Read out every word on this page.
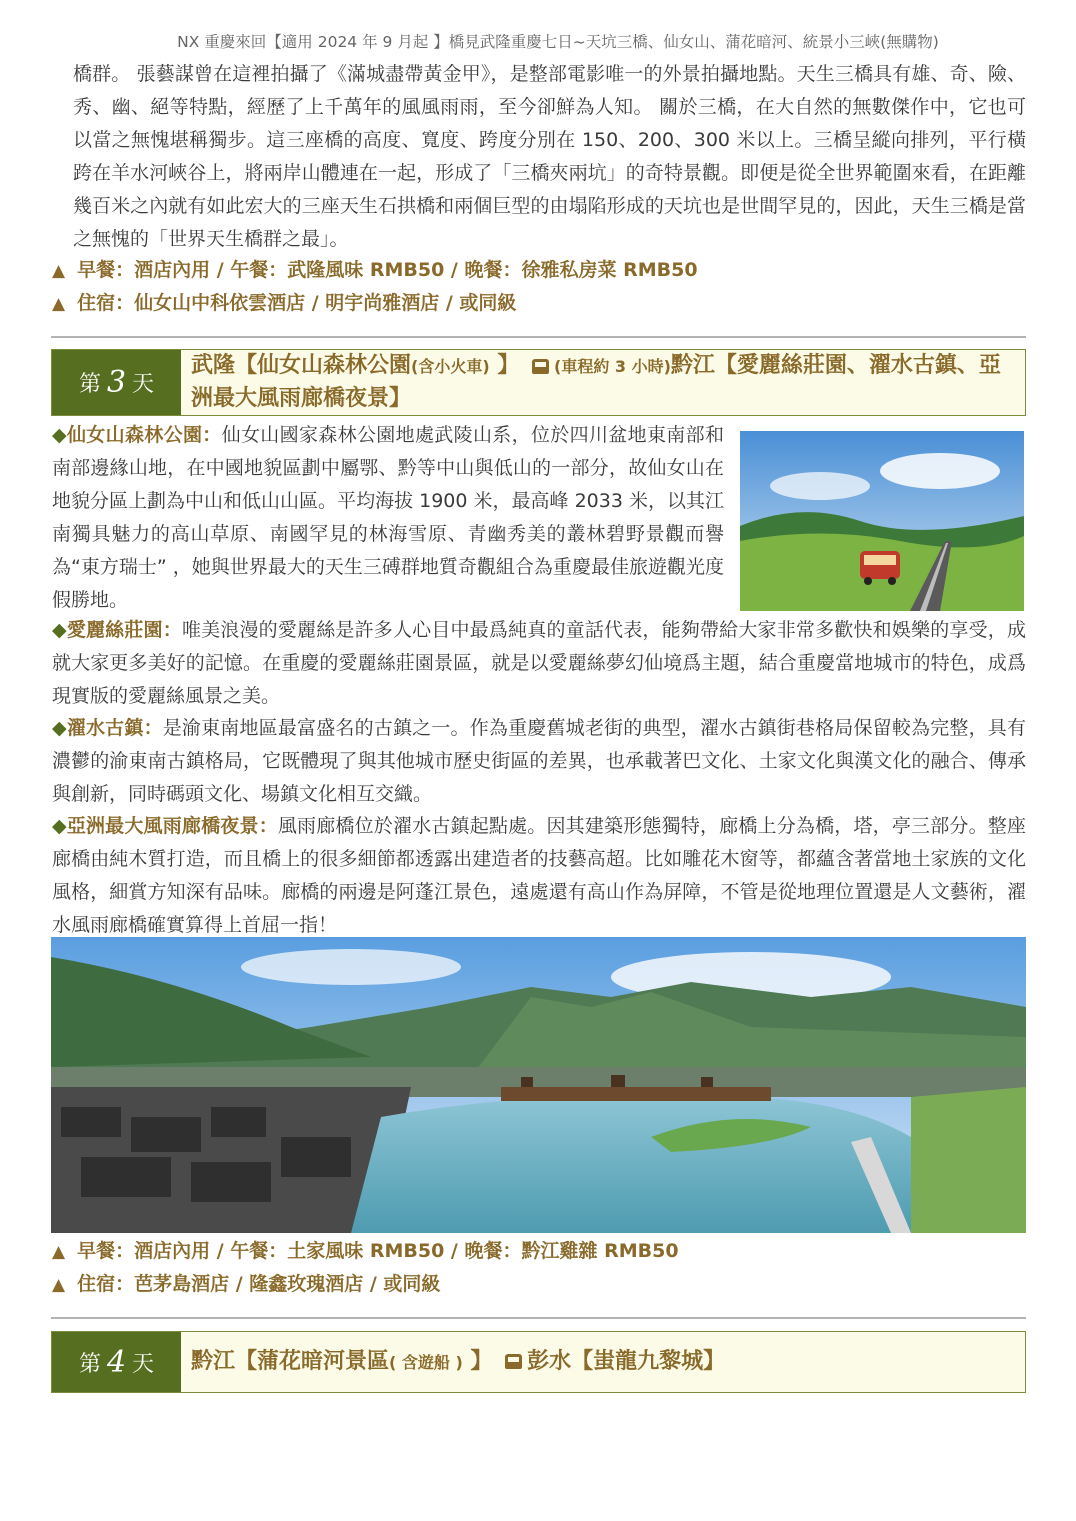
NX 重慶來回【適用 2024 年 9 月起 】橋見武隆重慶七日~天坑三橋、仙女山、蒲花暗河、統景小三峽(無購物)
橋群。 張藝謀曾在這裡拍攝了《滿城盡帶黃金甲》，是整部電影唯一的外景拍攝地點。天生三橋具有雄、奇、險、秀、幽、絕等特點，經歷了上千萬年的風風雨雨，至今卻鮮為人知。 關於三橋，在大自然的無數傑作中，它也可以當之無愧堪稱獨步。這三座橋的高度、寬度、跨度分別在 150、200、300 米以上。三橋呈縱向排列，平行橫跨在羊水河峽谷上，將兩岸山體連在一起，形成了「三橋夾兩坑」的奇特景觀。即便是從全世界範圍來看，在距離幾百米之內就有如此宏大的三座天生石拱橋和兩個巨型的由塌陷形成的天坑也是世間罕見的，因此，天生三橋是當之無愧的「世界天生橋群之最」。
▲ 早餐：酒店內用 / 午餐：武隆風味 RMB50 / 晚餐：徐雅私房菜 RMB50
▲ 住宿：仙女山中科依雲酒店 / 明宇尚雅酒店 / 或同級
第 3 天
武隆【仙女山森林公園(含小火車) 】 (車程約 3 小時)黔江【愛麗絲莊園、濯水古鎮、亞洲最大風雨廊橋夜景】
◆仙女山森林公園：仙女山國家森林公園地處武陵山系，位於四川盆地東南部和南部邊緣山地，在中國地貌區劃中屬鄂、黔等中山與低山的一部分，故仙女山在地貌分區上劃為中山和低山山區。平均海拔 1900 米，最高峰 2033 米，以其江南獨具魅力的高山草原、南國罕見的林海雪原、青幽秀美的叢林碧野景觀而譽為“東方瑞士” ，她與世界最大的天生三磗群地質奇觀組合為重慶最佳旅遊觀光度假勝地。
◆愛麗絲莊園：唯美浪漫的愛麗絲是許多人心目中最爲純真的童話代表，能夠帶給大家非常多歡快和娛樂的享受，成就大家更多美好的記憶。在重慶的愛麗絲莊園景區，就是以愛麗絲夢幻仙境爲主題，結合重慶當地城市的特色，成爲現實版的愛麗絲風景之美。
◆濯水古鎮：是渝東南地區最富盛名的古鎮之一。作為重慶舊城老街的典型，濯水古鎮街巷格局保留較為完整，具有濃鬱的渝東南古鎮格局，它既體現了與其他城市歷史街區的差異，也承載著巴文化、土家文化與漢文化的融合、傳承與創新，同時碼頭文化、場鎮文化相互交織。
◆亞洲最大風雨廊橋夜景：風雨廊橋位於濯水古鎮起點處。因其建築形態獨特，廊橋上分為橋，塔，亭三部分。整座廊橋由純木質打造，而且橋上的很多細節都透露出建造者的技藝高超。比如雕花木窗等，都蘊含著當地土家族的文化風格，細賞方知深有品味。廊橋的兩邊是阿蓬江景色，遠處還有高山作為屏障，不管是從地理位置還是人文藝術，濯水風雨廊橋確實算得上首屈一指！
▲ 早餐：酒店內用 / 午餐：土家風味 RMB50 / 晚餐：黔江雞雜 RMB50
▲ 住宿：芭茅島酒店 / 隆鑫玫瑰酒店 / 或同級
第 4 天 黔江【蒲花暗河景區( 含遊船 ) 】 彭水【蚩龍九黎城】
